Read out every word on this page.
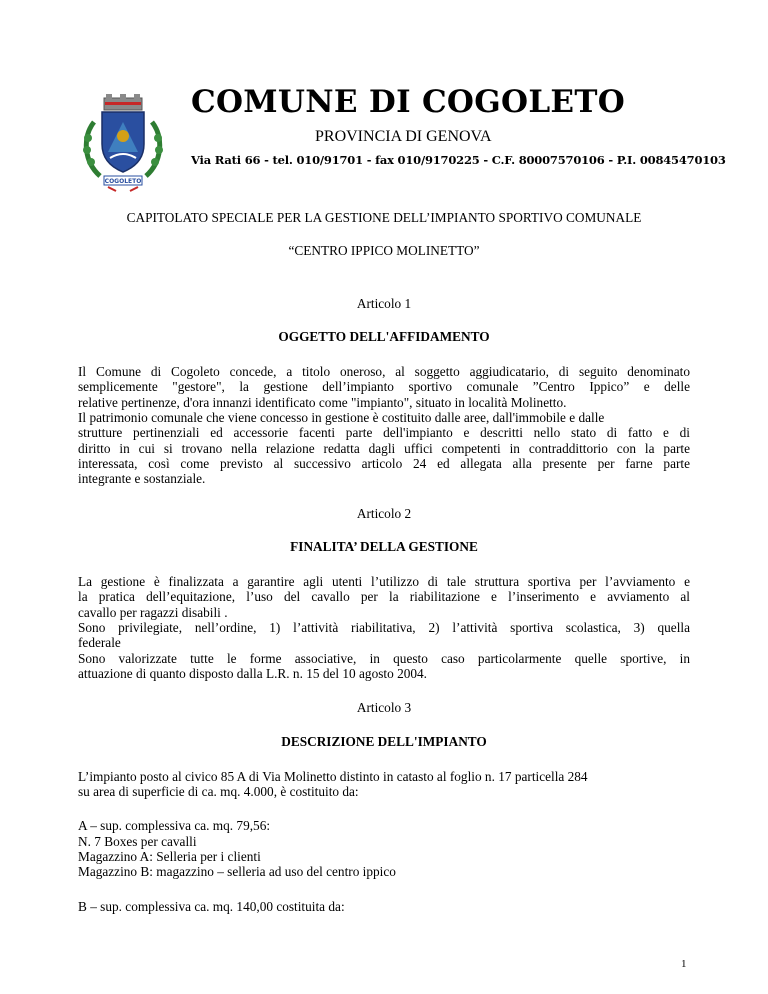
COGOLETO
COMUNE DI COGOLETO
PROVINCIA DI GENOVA
Via Rati 66 - tel. 010/91701 - fax 010/9170225 - C.F. 80007570106 - P.I. 00845470103

CAPITOLATO SPECIALE PER LA GESTIONE DELL’IMPIANTO SPORTIVO COMUNALE

“CENTRO IPPICO MOLINETTO”

Articolo 1

OGGETTO DELL'AFFIDAMENTO

Il Comune di Cogoleto concede, a titolo oneroso, al soggetto aggiudicatario, di seguito denominato
semplicemente "gestore", la gestione dell’impianto sportivo comunale ”Centro Ippico” e delle
relative pertinenze, d'ora innanzi identificato come "impianto", situato in località Molinetto.
Il patrimonio comunale che viene concesso in gestione è costituito dalle aree, dall'immobile e dalle
strutture pertinenziali ed accessorie facenti parte dell'impianto e descritti nello stato di fatto e di
diritto in cui si trovano nella relazione redatta dagli uffici competenti in contraddittorio con la parte
interessata, così come previsto al successivo articolo 24 ed allegata alla presente per farne parte
integrante e sostanziale.

Articolo 2

FINALITA’ DELLA GESTIONE

La gestione è finalizzata a garantire agli utenti l’utilizzo di tale struttura sportiva per l’avviamento e
la pratica dell’equitazione, l’uso del cavallo per la riabilitazione e l’inserimento e avviamento al
cavallo per ragazzi disabili .
Sono privilegiate, nell’ordine, 1) l’attività riabilitativa, 2) l’attività sportiva scolastica, 3) quella
federale
Sono valorizzate tutte le forme associative, in questo caso particolarmente quelle sportive, in
attuazione di quanto disposto dalla L.R. n. 15 del 10 agosto 2004.

Articolo 3

DESCRIZIONE DELL'IMPIANTO

L’impianto posto al civico 85 A di Via Molinetto distinto in catasto al foglio n. 17 particella 284
su area di superficie di ca. mq. 4.000, è costituito da:
A – sup. complessiva ca. mq. 79,56:
N. 7 Boxes per cavalli
Magazzino A: Selleria per i clienti
Magazzino B: magazzino – selleria ad uso del centro ippico
B – sup. complessiva ca. mq. 140,00 costituita da:
1
